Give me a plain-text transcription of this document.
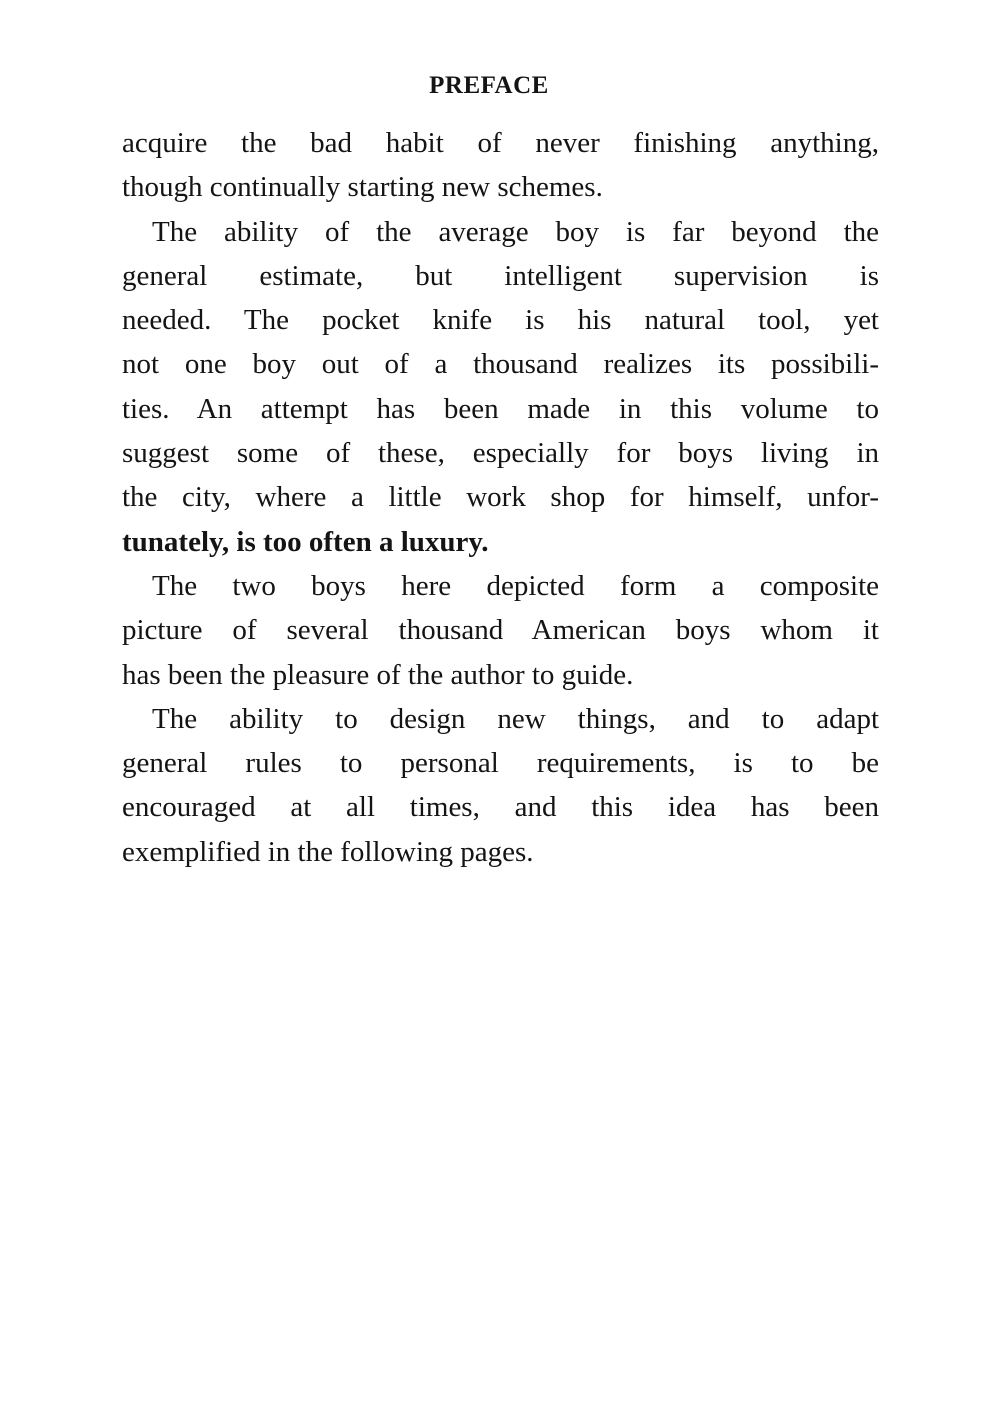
PREFACE
acquire the bad habit of never finishing anything,
though continually starting new schemes.
The ability of the average boy is far beyond the
general estimate, but intelligent supervision is
needed. The pocket knife is his natural tool, yet
not one boy out of a thousand realizes its possibili-
ties. An attempt has been made in this volume to
suggest some of these, especially for boys living in
the city, where a little work shop for himself, unfor-
tunately, is too often a luxury.
The two boys here depicted form a composite
picture of several thousand American boys whom it
has been the pleasure of the author to guide.
The ability to design new things, and to adapt
general rules to personal requirements, is to be
encouraged at all times, and this idea has been
exemplified in the following pages.
